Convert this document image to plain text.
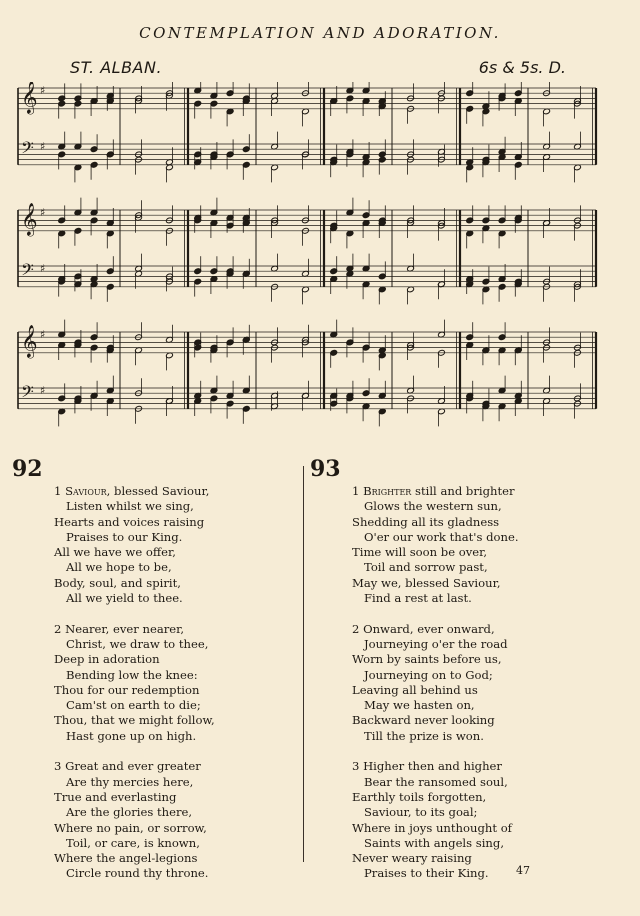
CONTEMPLATION AND ADORATION.
ST. ALBAN.	6s & 5s. D.
𝄞 ♯
𝄢 ♯
𝄞 ♯
𝄢 ♯
𝄞 ♯
𝄢 ♯
92	93
1 Saviour, blessed Saviour,
Listen whilst we sing,
Hearts and voices raising
Praises to our King.
All we have we offer,
All we hope to be,
Body, soul, and spirit,
All we yield to thee.
2 Nearer, ever nearer,
Christ, we draw to thee,
Deep in adoration
Bending low the knee:
Thou for our redemption
Cam'st on earth to die;
Thou, that we might follow,
Hast gone up on high.
3 Great and ever greater
Are thy mercies here,
True and everlasting
Are the glories there,
Where no pain, or sorrow,
Toil, or care, is known,
Where the angel-legions
Circle round thy throne.
1 Brighter still and brighter
Glows the western sun,
Shedding all its gladness
O'er our work that's done.
Time will soon be over,
Toil and sorrow past,
May we, blessed Saviour,
Find a rest at last.
2 Onward, ever onward,
Journeying o'er the road
Worn by saints before us,
Journeying on to God;
Leaving all behind us
May we hasten on,
Backward never looking
Till the prize is won.
3 Higher then and higher
Bear the ransomed soul,
Earthly toils forgotten,
Saviour, to its goal;
Where in joys unthought of
Saints with angels sing,
Never weary raising
Praises to their King.	47
